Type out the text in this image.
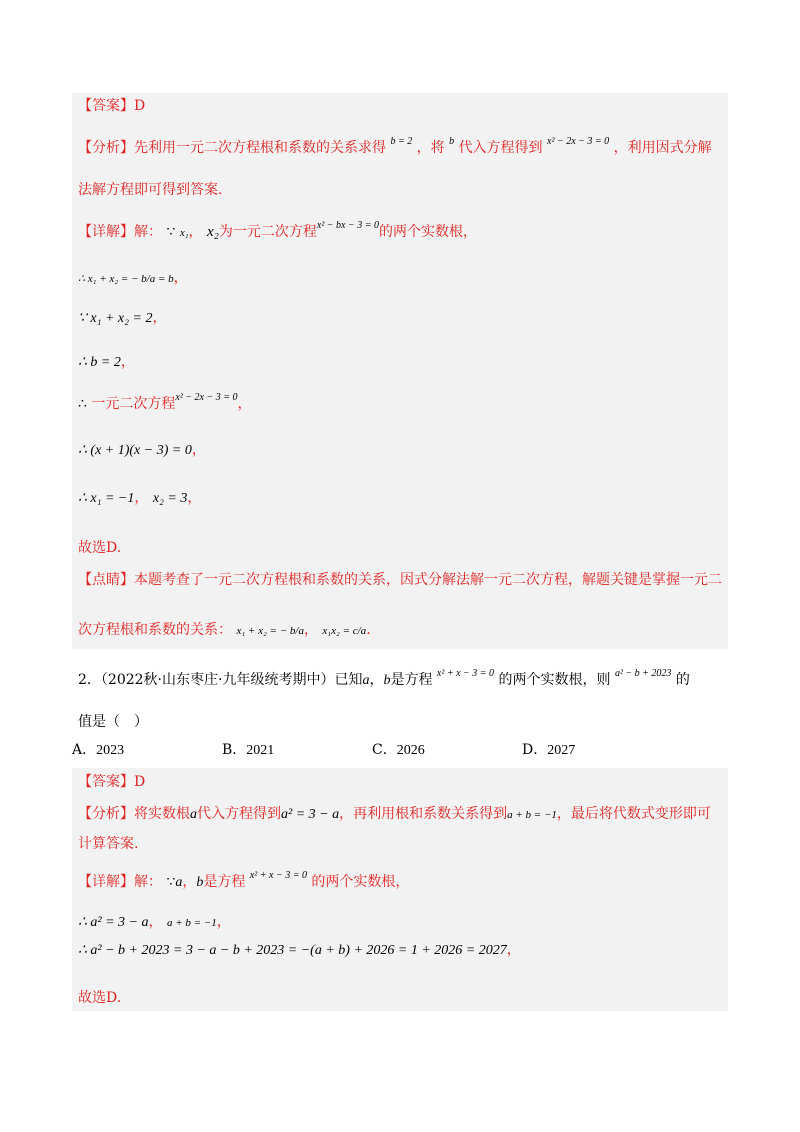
【答案】D
【分析】先利用一元二次方程根和系数的关系求得 $^{b = 2}$ ，将 $^b$ 代入方程得到 $^{x^2 - 2x - 3 = 0}$ ，利用因式分解
法解方程即可得到答案.
【详解】解： ∵ x₁， x₂为一元二次方程$^{x^2 - bx - 3 = 0}$的两个实数根，
∴ x₁ + x₂ = − b/a = b，
∵ x₁ + x₂ = 2，
∴ b = 2，
∴ 一元二次方程$^{x^2 - 2x - 3 = 0}$，
∴ (x + 1)(x − 3) = 0，
∴ x₁ = −1， x₂ = 3，
故选D.
【点睛】本题考查了一元二次方程根和系数的关系，因式分解法解一元二次方程，解题关键是掌握一元二
次方程根和系数的关系： x₁ + x₂ = − b/a， x₁x₂ = c/a.
2．（2022秋·山东枣庄·九年级统考期中）已知a，b是方程 $^{x^2 + x - 3 = 0}$ 的两个实数根，则 $^{a^2 - b + 2023}$ 的
值是（　）
A．2023	B．2021	C．2026	D．2027
【答案】D
【分析】将实数根a代入方程得到a² = 3 − a，再利用根和系数关系得到a + b = −1，最后将代数式变形即可
计算答案.
【详解】解： ∵a，b是方程 $^{x^2 + x - 3 = 0}$ 的两个实数根，
∴ a² = 3 − a， a + b = −1，
∴ a² − b + 2023 = 3 − a − b + 2023 = −(a + b) + 2026 = 1 + 2026 = 2027，
故选D.
